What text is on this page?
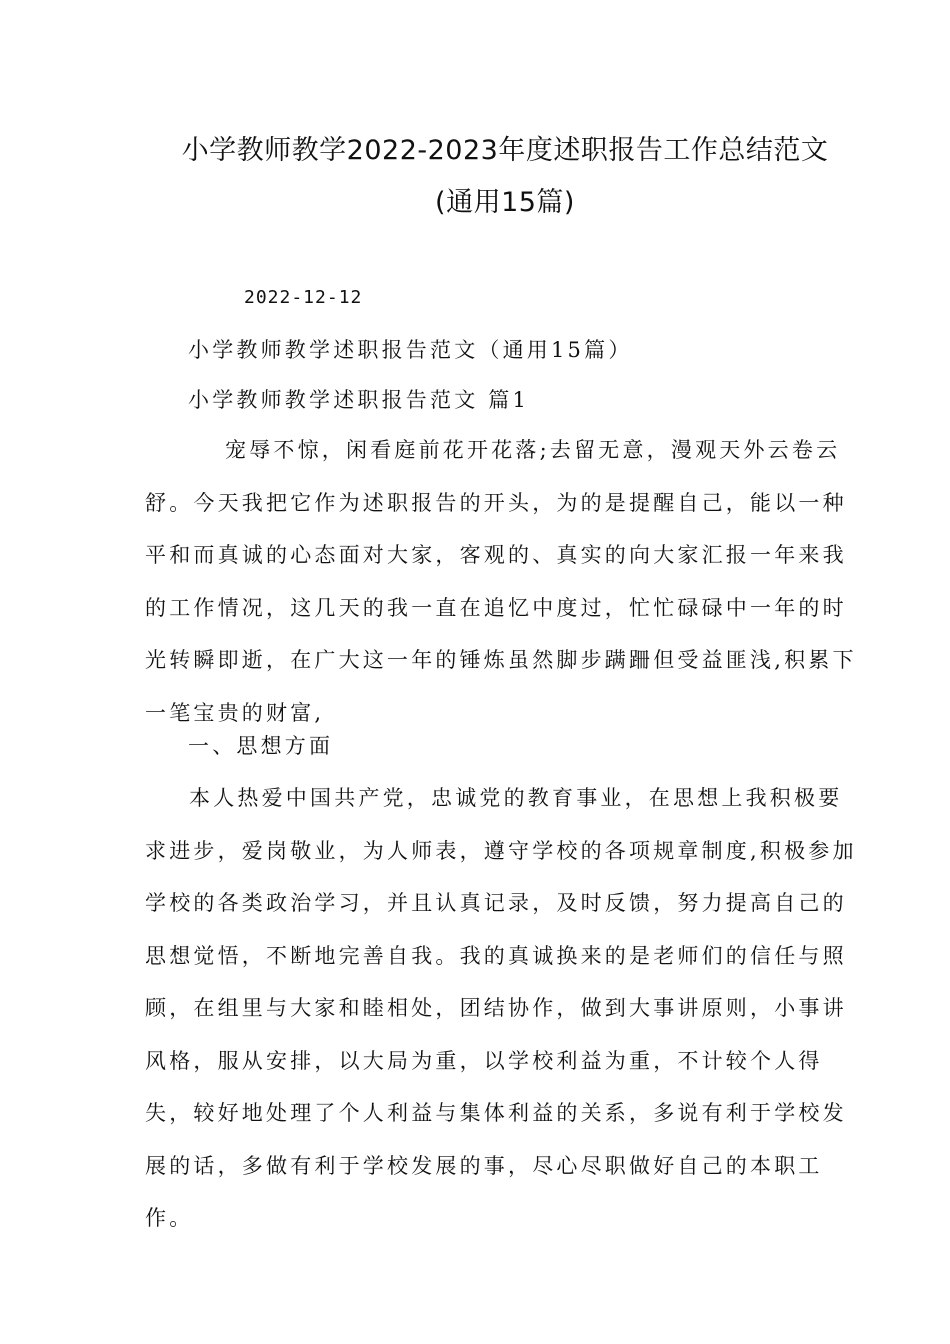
小学教师教学2022-2023年度述职报告工作总结范文
(通用15篇)
2022-12-12
小学教师教学述职报告范文（通用15篇）
小学教师教学述职报告范文 篇1
宠辱不惊，闲看庭前花开花落;去留无意，漫观天外云卷云
舒。今天我把它作为述职报告的开头，为的是提醒自己，能以一种
平和而真诚的心态面对大家，客观的、真实的向大家汇报一年来我
的工作情况，这几天的我一直在追忆中度过，忙忙碌碌中一年的时
光转瞬即逝，在广大这一年的锤炼虽然脚步蹒跚但受益匪浅,积累下
一笔宝贵的财富,
一、思想方面
本人热爱中国共产党，忠诚党的教育事业，在思想上我积极要
求进步，爱岗敬业，为人师表，遵守学校的各项规章制度,积极参加
学校的各类政治学习，并且认真记录，及时反馈，努力提高自己的
思想觉悟，不断地完善自我。我的真诚换来的是老师们的信任与照
顾，在组里与大家和睦相处，团结协作，做到大事讲原则，小事讲
风格，服从安排，以大局为重，以学校利益为重，不计较个人得
失，较好地处理了个人利益与集体利益的关系，多说有利于学校发
展的话，多做有利于学校发展的事，尽心尽职做好自己的本职工
作。
